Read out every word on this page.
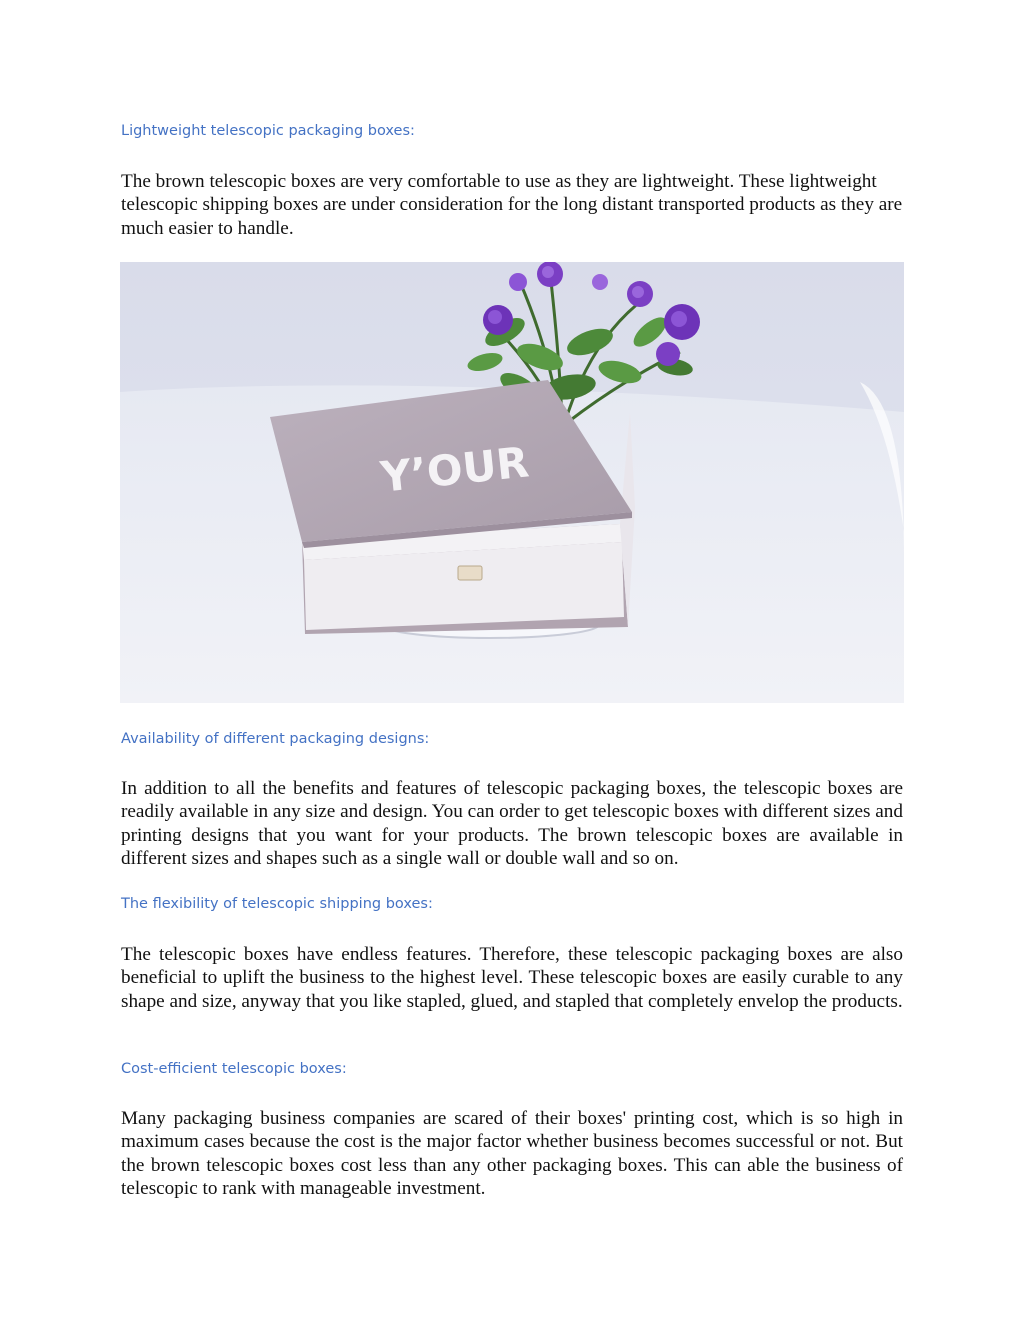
Lightweight telescopic packaging boxes:

The brown telescopic boxes are very comfortable to use as they are lightweight. These lightweight telescopic shipping boxes are under consideration for the long distant transported products as they are much easier to handle.

Y’OUR
Availability of different packaging designs:

In addition to all the benefits and features of telescopic packaging boxes, the telescopic boxes are readily available in any size and design. You can order to get telescopic boxes with different sizes and printing designs that you want for your products. The brown telescopic boxes are available in different sizes and shapes such as a single wall or double wall and so on.

The flexibility of telescopic shipping boxes:

The telescopic boxes have endless features. Therefore, these telescopic packaging boxes are also beneficial to uplift the business to the highest level. These telescopic boxes are easily curable to any shape and size, anyway that you like stapled, glued, and stapled that completely envelop the products.

Cost-efficient telescopic boxes:

Many packaging business companies are scared of their boxes' printing cost, which is so high in maximum cases because the cost is the major factor whether business becomes successful or not. But the brown telescopic boxes cost less than any other packaging boxes. This can able the business of telescopic to rank with manageable investment.
